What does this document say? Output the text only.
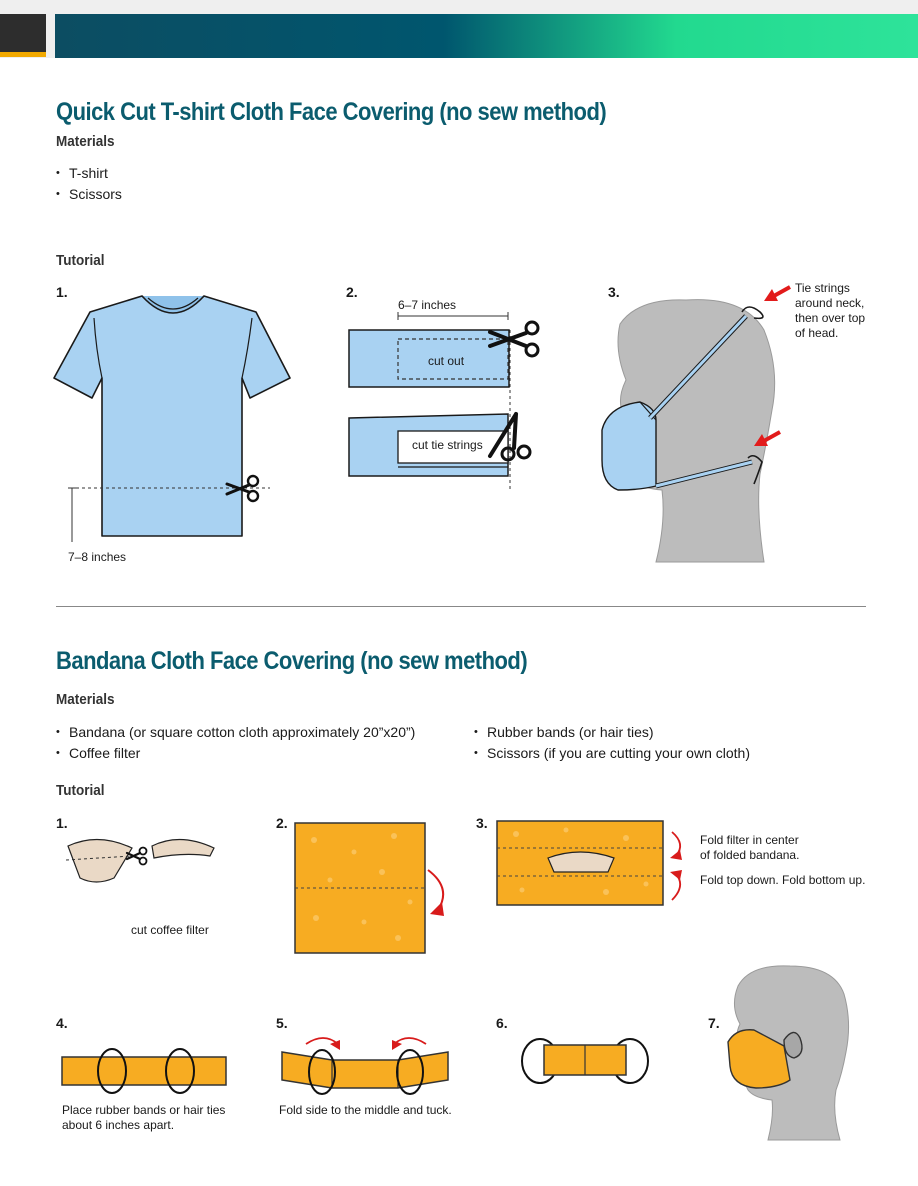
Quick Cut T-shirt Cloth Face Covering (no sew method)
Materials
• T-shirt
• Scissors
Tutorial
1.	2.	3.
7–8 inches
6–7 inches
cut out
cut tie strings
Tie strings
around neck,
then over top
of head.
Bandana Cloth Face Covering (no sew method)
Materials
• Bandana (or square cotton cloth approximately 20”x20”)
• Coffee filter
• Rubber bands (or hair ties)
• Scissors (if you are cutting your own cloth)
Tutorial
1.	2.	3.
cut coffee filter
Fold filter in center
of folded bandana.
Fold top down. Fold bottom up.
4.	5.	6.	7.
Place rubber bands or hair ties
about 6 inches apart.
Fold side to the middle and tuck.
